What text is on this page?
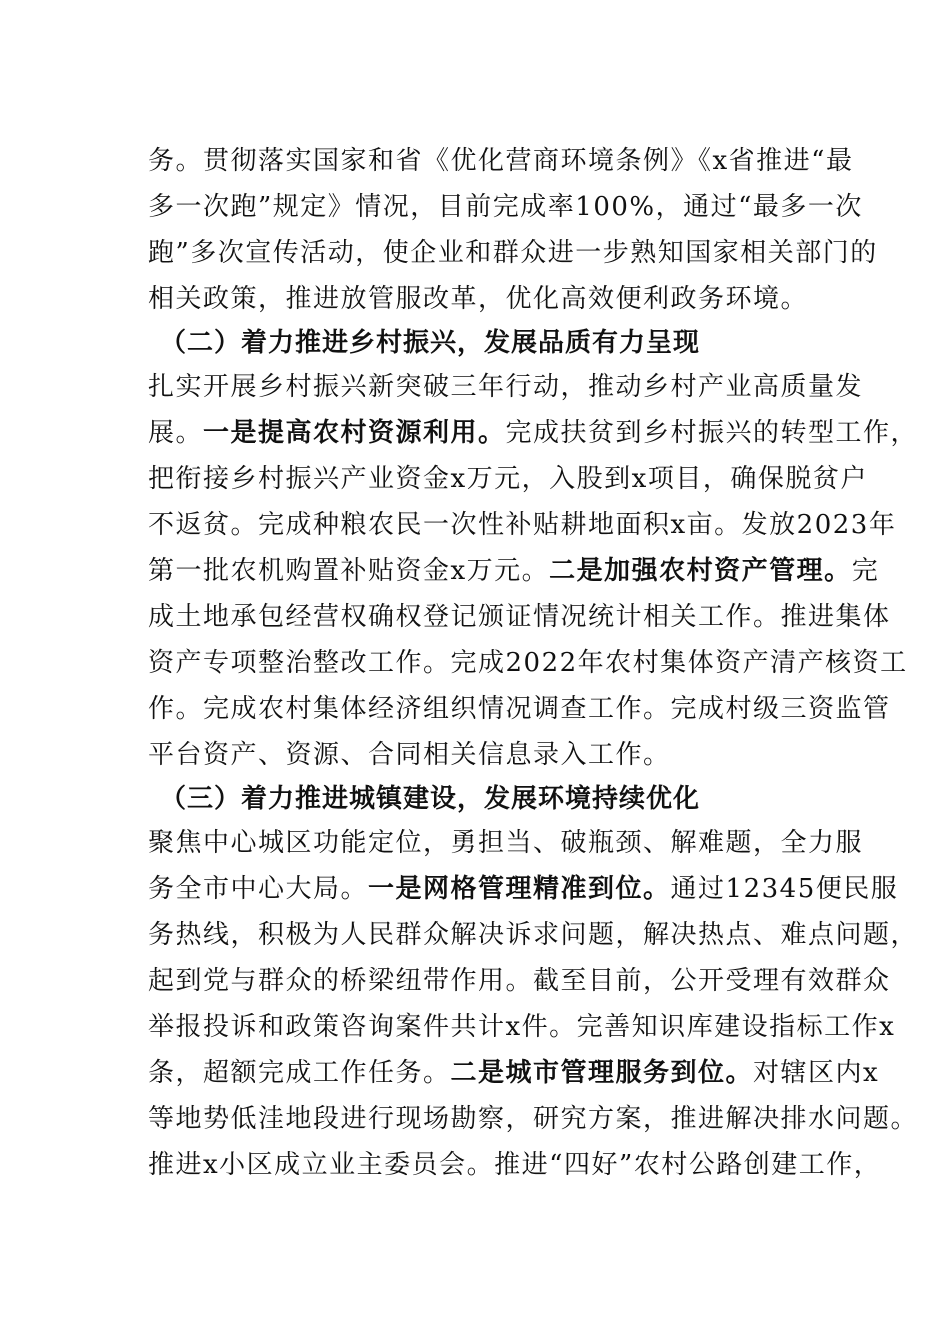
务。贯彻落实国家和省《优化营商环境条例》《x省推进“最
多一次跑”规定》情况，目前完成率100%，通过“最多一次
跑”多次宣传活动，使企业和群众进一步熟知国家相关部门的
相关政策，推进放管服改革，优化高效便利政务环境。
（二）着力推进乡村振兴，发展品质有力呈现
扎实开展乡村振兴新突破三年行动，推动乡村产业高质量发
展。一是提高农村资源利用。完成扶贫到乡村振兴的转型工作，
把衔接乡村振兴产业资金x万元，入股到x项目，确保脱贫户
不返贫。完成种粮农民一次性补贴耕地面积x亩。发放2023年
第一批农机购置补贴资金x万元。二是加强农村资产管理。完
成土地承包经营权确权登记颁证情况统计相关工作。推进集体
资产专项整治整改工作。完成2022年农村集体资产清产核资工
作。完成农村集体经济组织情况调查工作。完成村级三资监管
平台资产、资源、合同相关信息录入工作。
（三）着力推进城镇建设，发展环境持续优化
聚焦中心城区功能定位，勇担当、破瓶颈、解难题，全力服
务全市中心大局。一是网格管理精准到位。通过12345便民服
务热线，积极为人民群众解决诉求问题，解决热点、难点问题，
起到党与群众的桥梁纽带作用。截至目前，公开受理有效群众
举报投诉和政策咨询案件共计x件。完善知识库建设指标工作x
条，超额完成工作任务。二是城市管理服务到位。对辖区内x
等地势低洼地段进行现场勘察，研究方案，推进解决排水问题。
推进x小区成立业主委员会。推进“四好”农村公路创建工作，
